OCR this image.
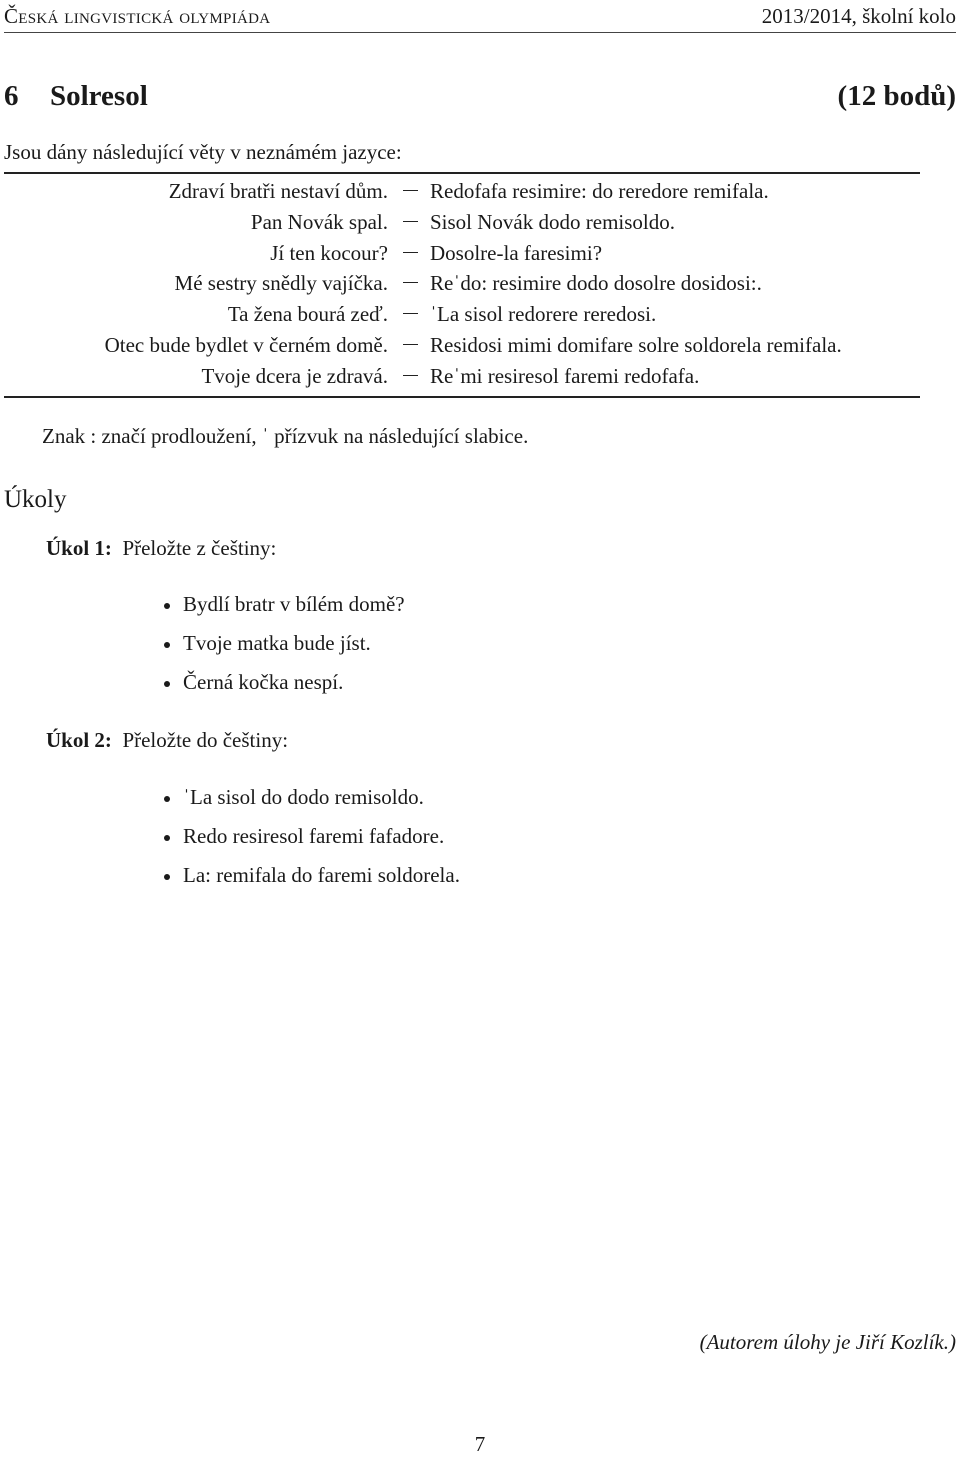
Česká lingvistická olympiáda	2013/2014, školní kolo
6 Solresol	(12 bodů)
Jsou dány následující věty v neznámém jazyce:
Zdraví bratři nestaví dům. Redofafa resimire: do reredore remifala.
Pan Novák spal. Sisol Novák dodo remisoldo.
Jí ten kocour? Dosolre-la faresimi?
Mé sestry snědly vajíčka. Reˈdo: resimire dodo dosolre dosidosi:.
Ta žena bourá zeď. ˈLa sisol redorere reredosi.
Otec bude bydlet v černém domě. Residosi mimi domifare solre soldorela remifala.
Tvoje dcera je zdravá. Reˈmi resiresol faremi redofafa.
Znak : značí prodloužení, ˈ přízvuk na následující slabice.
Úkoly
Úkol 1: Přeložte z češtiny:
Bydlí bratr v bílém domě?
Tvoje matka bude jíst.
Černá kočka nespí.
Úkol 2: Přeložte do češtiny:
ˈLa sisol do dodo remisoldo.
Redo resiresol faremi fafadore.
La: remifala do faremi soldorela.
(Autorem úlohy je Jiří Kozlík.)
7
